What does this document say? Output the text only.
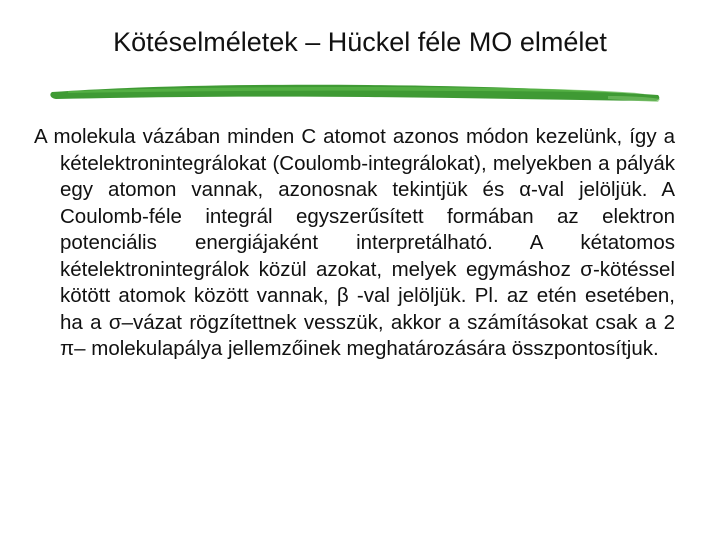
Kötéselméletek – Hückel féle MO elmélet

A molekula vázában minden C atomot azonos módon kezelünk, így a kételektronintegrálokat (Coulomb-integrálokat), melyekben a pályák egy atomon vannak, azonosnak tekintjük és α-val jelöljük. A Coulomb-féle integrál egyszerűsített formában az elektron potenciális energiájaként interpretálható. A kétatomos kételektronintegrálok közül azokat, melyek egymáshoz σ-kötéssel kötött atomok között vannak, β -val jelöljük. Pl. az etén esetében, ha a σ–vázat rögzítettnek vesszük, akkor a számításokat csak a 2 π– molekulapálya jellemzőinek meghatározására összpontosítjuk.
